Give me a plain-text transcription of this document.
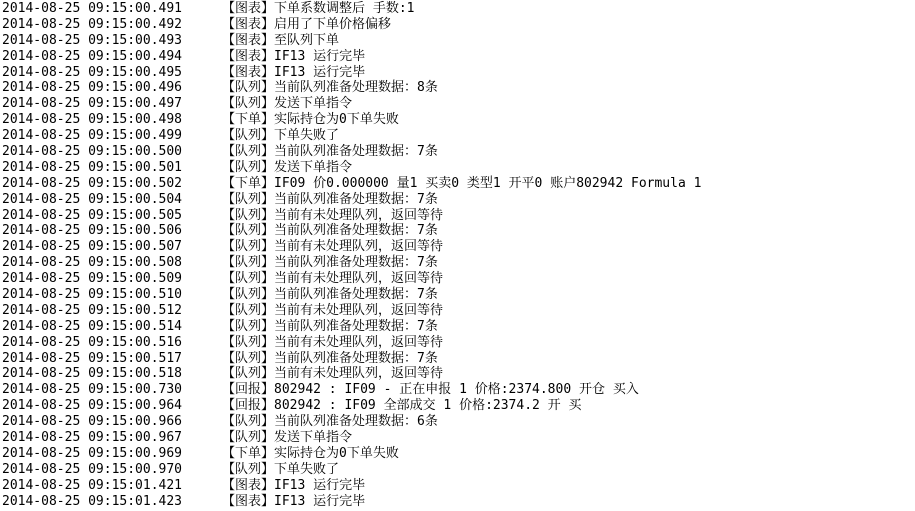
2014-08-25 09:15:00.491	【图表】下单系数调整后 手数:1
2014-08-25 09:15:00.492	【图表】启用了下单价格偏移
2014-08-25 09:15:00.493	【图表】至队列下单
2014-08-25 09:15:00.494	【图表】IF13 运行完毕
2014-08-25 09:15:00.495	【图表】IF13 运行完毕
2014-08-25 09:15:00.496	【队列】当前队列准备处理数据：8条
2014-08-25 09:15:00.497	【队列】发送下单指令
2014-08-25 09:15:00.498	【下单】实际持仓为0下单失败
2014-08-25 09:15:00.499	【队列】下单失败了
2014-08-25 09:15:00.500	【队列】当前队列准备处理数据：7条
2014-08-25 09:15:00.501	【队列】发送下单指令
2014-08-25 09:15:00.502	【下单】IF09 价0.000000 量1 买卖0 类型1 开平0 账户802942 Formula 1
2014-08-25 09:15:00.504	【队列】当前队列准备处理数据：7条
2014-08-25 09:15:00.505	【队列】当前有未处理队列，返回等待
2014-08-25 09:15:00.506	【队列】当前队列准备处理数据：7条
2014-08-25 09:15:00.507	【队列】当前有未处理队列，返回等待
2014-08-25 09:15:00.508	【队列】当前队列准备处理数据：7条
2014-08-25 09:15:00.509	【队列】当前有未处理队列，返回等待
2014-08-25 09:15:00.510	【队列】当前队列准备处理数据：7条
2014-08-25 09:15:00.512	【队列】当前有未处理队列，返回等待
2014-08-25 09:15:00.514	【队列】当前队列准备处理数据：7条
2014-08-25 09:15:00.516	【队列】当前有未处理队列，返回等待
2014-08-25 09:15:00.517	【队列】当前队列准备处理数据：7条
2014-08-25 09:15:00.518	【队列】当前有未处理队列，返回等待
2014-08-25 09:15:00.730	【回报】802942 : IF09 - 正在申报 1 价格:2374.800 开仓 买入
2014-08-25 09:15:00.964	【回报】802942 : IF09 全部成交 1 价格:2374.2 开 买
2014-08-25 09:15:00.966	【队列】当前队列准备处理数据：6条
2014-08-25 09:15:00.967	【队列】发送下单指令
2014-08-25 09:15:00.969	【下单】实际持仓为0下单失败
2014-08-25 09:15:00.970	【队列】下单失败了
2014-08-25 09:15:01.421	【图表】IF13 运行完毕
2014-08-25 09:15:01.423	【图表】IF13 运行完毕
